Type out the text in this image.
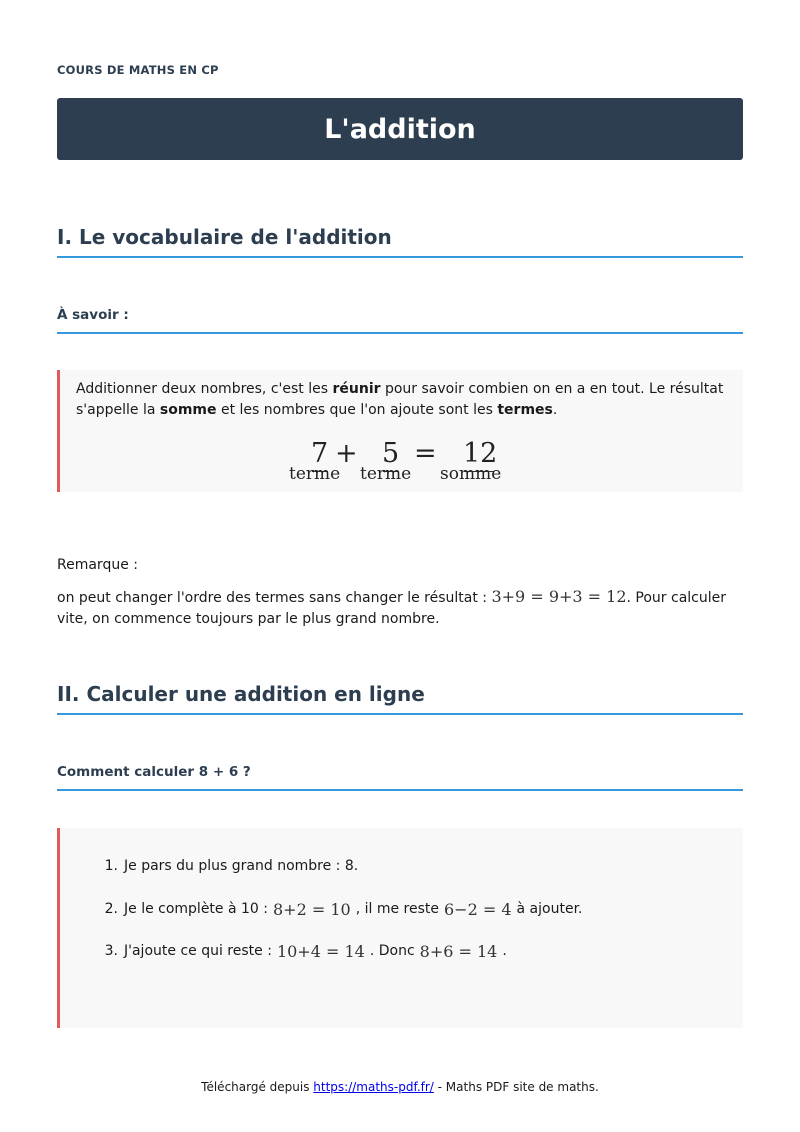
COURS DE MATHS EN CP
L'addition
I. Le vocabulaire de l'addition
À savoir :

Additionner deux nombres, c'est les réunir pour savoir combien on en a en tout. Le résultat s'appelle la somme et les nombres que l'on ajoute sont les termes.

7 + 5 = 12
terme terme somme
Remarque :

on peut changer l'ordre des termes sans changer le résultat : 3+9 = 9+3 = 12. Pour calculer vite, on commence toujours par le plus grand nombre.

II. Calculer une addition en ligne
Comment calculer 8 + 6 ?
1. Je pars du plus grand nombre : 8.
2. Je le complète à 10 : 8+2 = 10 , il me reste 6−2 = 4 à ajouter.
3. J'ajoute ce qui reste : 10+4 = 14 . Donc 8+6 = 14 .
Téléchargé depuis https://maths-pdf.fr/ - Maths PDF site de maths.
